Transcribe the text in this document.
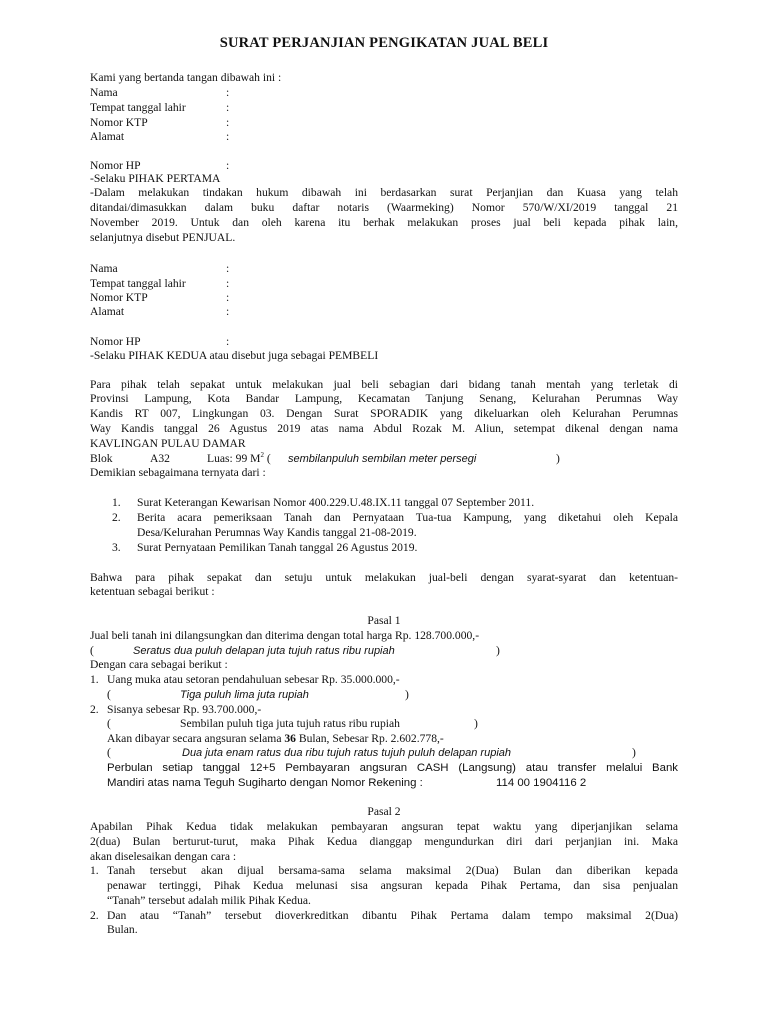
SURAT PERJANJIAN PENGIKATAN JUAL BELI
Kami yang bertanda tangan dibawah ini :
Nama	:
Tempat tanggal lahir	:
Nomor KTP	:
Alamat	:
Nomor HP	:
-Selaku PIHAK PERTAMA
-Dalam melakukan tindakan hukum dibawah ini berdasarkan surat Perjanjian dan Kuasa yang telah
ditandai/dimasukkan dalam buku daftar notaris (Waarmeking) Nomor 570/W/XI/2019 tanggal 21
November 2019. Untuk dan oleh karena itu berhak melakukan proses jual beli kepada pihak lain,
selanjutnya disebut PENJUAL.
Nama	:
Tempat tanggal lahir	:
Nomor KTP	:
Alamat	:
Nomor HP	:
-Selaku PIHAK KEDUA atau disebut juga sebagai PEMBELI
Para pihak telah sepakat untuk melakukan jual beli sebagian dari bidang tanah mentah yang terletak di
Provinsi Lampung, Kota Bandar Lampung, Kecamatan Tanjung Senang, Kelurahan Perumnas Way
Kandis RT 007, Lingkungan 03. Dengan Surat SPORADIK yang dikeluarkan oleh Kelurahan Perumnas
Way Kandis tanggal 26 Agustus 2019 atas nama Abdul Rozak M. Aliun, setempat dikenal dengan nama
KAVLINGAN PULAU DAMAR
Blok	A32	Luas: 99 $M^2$ ( sembilanpuluh sembilan meter persegi	)
Demikian sebagaimana ternyata dari :
1. Surat Keterangan Kewarisan Nomor 400.229.U.48.IX.11 tanggal 07 September 2011.
2. Berita acara pemeriksaan Tanah dan Pernyataan Tua-tua Kampung, yang diketahui oleh Kepala
Desa/Kelurahan Perumnas Way Kandis tanggal 21-08-2019.
3. Surat Pernyataan Pemilikan Tanah tanggal 26 Agustus 2019.
Bahwa para pihak sepakat dan setuju untuk melakukan jual-beli dengan syarat-syarat dan ketentuan-
ketentuan sebagai berikut :
Pasal 1
Jual beli tanah ini dilangsungkan dan diterima dengan total harga Rp. 128.700.000,-
(	Seratus dua puluh delapan juta tujuh ratus ribu rupiah	)
Dengan cara sebagai berikut :
1. Uang muka atau setoran pendahuluan sebesar Rp. 35.000.000,-
(	Tiga puluh lima juta rupiah	)
2. Sisanya sebesar Rp. 93.700.000,-
(	Sembilan puluh tiga juta tujuh ratus ribu rupiah	)
Akan dibayar secara angsuran selama 36 Bulan, Sebesar Rp. 2.602.778,-
(	Dua juta enam ratus dua ribu tujuh ratus tujuh puluh delapan rupiah	)
Perbulan setiap tanggal 12+5 Pembayaran angsuran CASH (Langsung) atau transfer melalui Bank
Mandiri atas nama Teguh Sugiharto dengan Nomor Rekening :	114 00 1904116 2
Pasal 2
Apabilan Pihak Kedua tidak melakukan pembayaran angsuran tepat waktu yang diperjanjikan selama
2(dua) Bulan berturut-turut, maka Pihak Kedua dianggap mengundurkan diri dari perjanjian ini. Maka
akan diselesaikan dengan cara :
1. Tanah tersebut akan dijual bersama-sama selama maksimal 2(Dua) Bulan dan diberikan kepada
penawar tertinggi, Pihak Kedua melunasi sisa angsuran kepada Pihak Pertama, dan sisa penjualan
“Tanah” tersebut adalah milik Pihak Kedua.
2. Dan atau “Tanah” tersebut dioverkreditkan dibantu Pihak Pertama dalam tempo maksimal 2(Dua)
Bulan.
